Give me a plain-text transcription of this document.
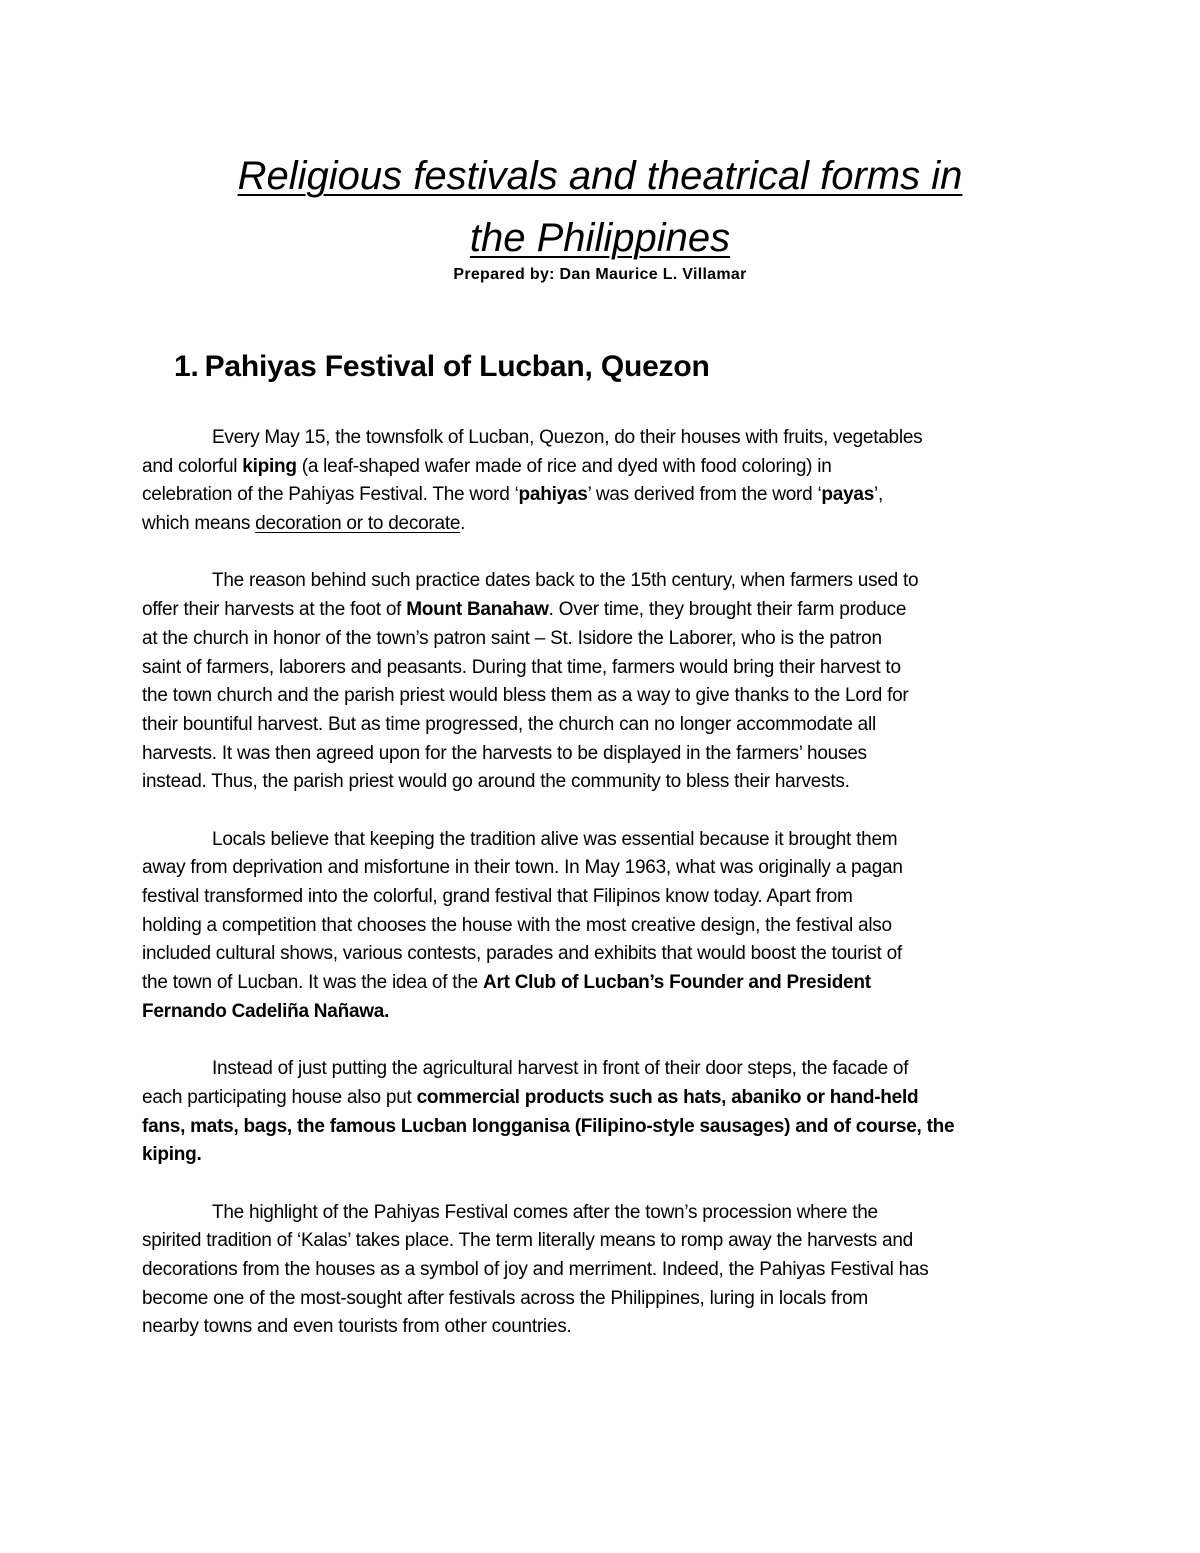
Religious festivals and theatrical forms in
the Philippines
Prepared by: Dan Maurice L. Villamar
1. Pahiyas Festival of Lucban, Quezon
Every May 15, the townsfolk of Lucban, Quezon, do their houses with fruits, vegetables
and colorful kiping (a leaf-shaped wafer made of rice and dyed with food coloring) in
celebration of the Pahiyas Festival. The word ‘pahiyas’ was derived from the word ‘payas’,
which means decoration or to decorate.
The reason behind such practice dates back to the 15th century, when farmers used to
offer their harvests at the foot of Mount Banahaw. Over time, they brought their farm produce
at the church in honor of the town’s patron saint – St. Isidore the Laborer, who is the patron
saint of farmers, laborers and peasants. During that time, farmers would bring their harvest to
the town church and the parish priest would bless them as a way to give thanks to the Lord for
their bountiful harvest. But as time progressed, the church can no longer accommodate all
harvests. It was then agreed upon for the harvests to be displayed in the farmers’ houses
instead. Thus, the parish priest would go around the community to bless their harvests.
Locals believe that keeping the tradition alive was essential because it brought them
away from deprivation and misfortune in their town. In May 1963, what was originally a pagan
festival transformed into the colorful, grand festival that Filipinos know today. Apart from
holding a competition that chooses the house with the most creative design, the festival also
included cultural shows, various contests, parades and exhibits that would boost the tourist of
the town of Lucban. It was the idea of the Art Club of Lucban’s Founder and President
Fernando Cadeliña Nañawa.
Instead of just putting the agricultural harvest in front of their door steps, the facade of
each participating house also put commercial products such as hats, abaniko or hand-held
fans, mats, bags, the famous Lucban longganisa (Filipino-style sausages) and of course, the
kiping.
The highlight of the Pahiyas Festival comes after the town’s procession where the
spirited tradition of ‘Kalas’ takes place. The term literally means to romp away the harvests and
decorations from the houses as a symbol of joy and merriment. Indeed, the Pahiyas Festival has
become one of the most-sought after festivals across the Philippines, luring in locals from
nearby towns and even tourists from other countries.
